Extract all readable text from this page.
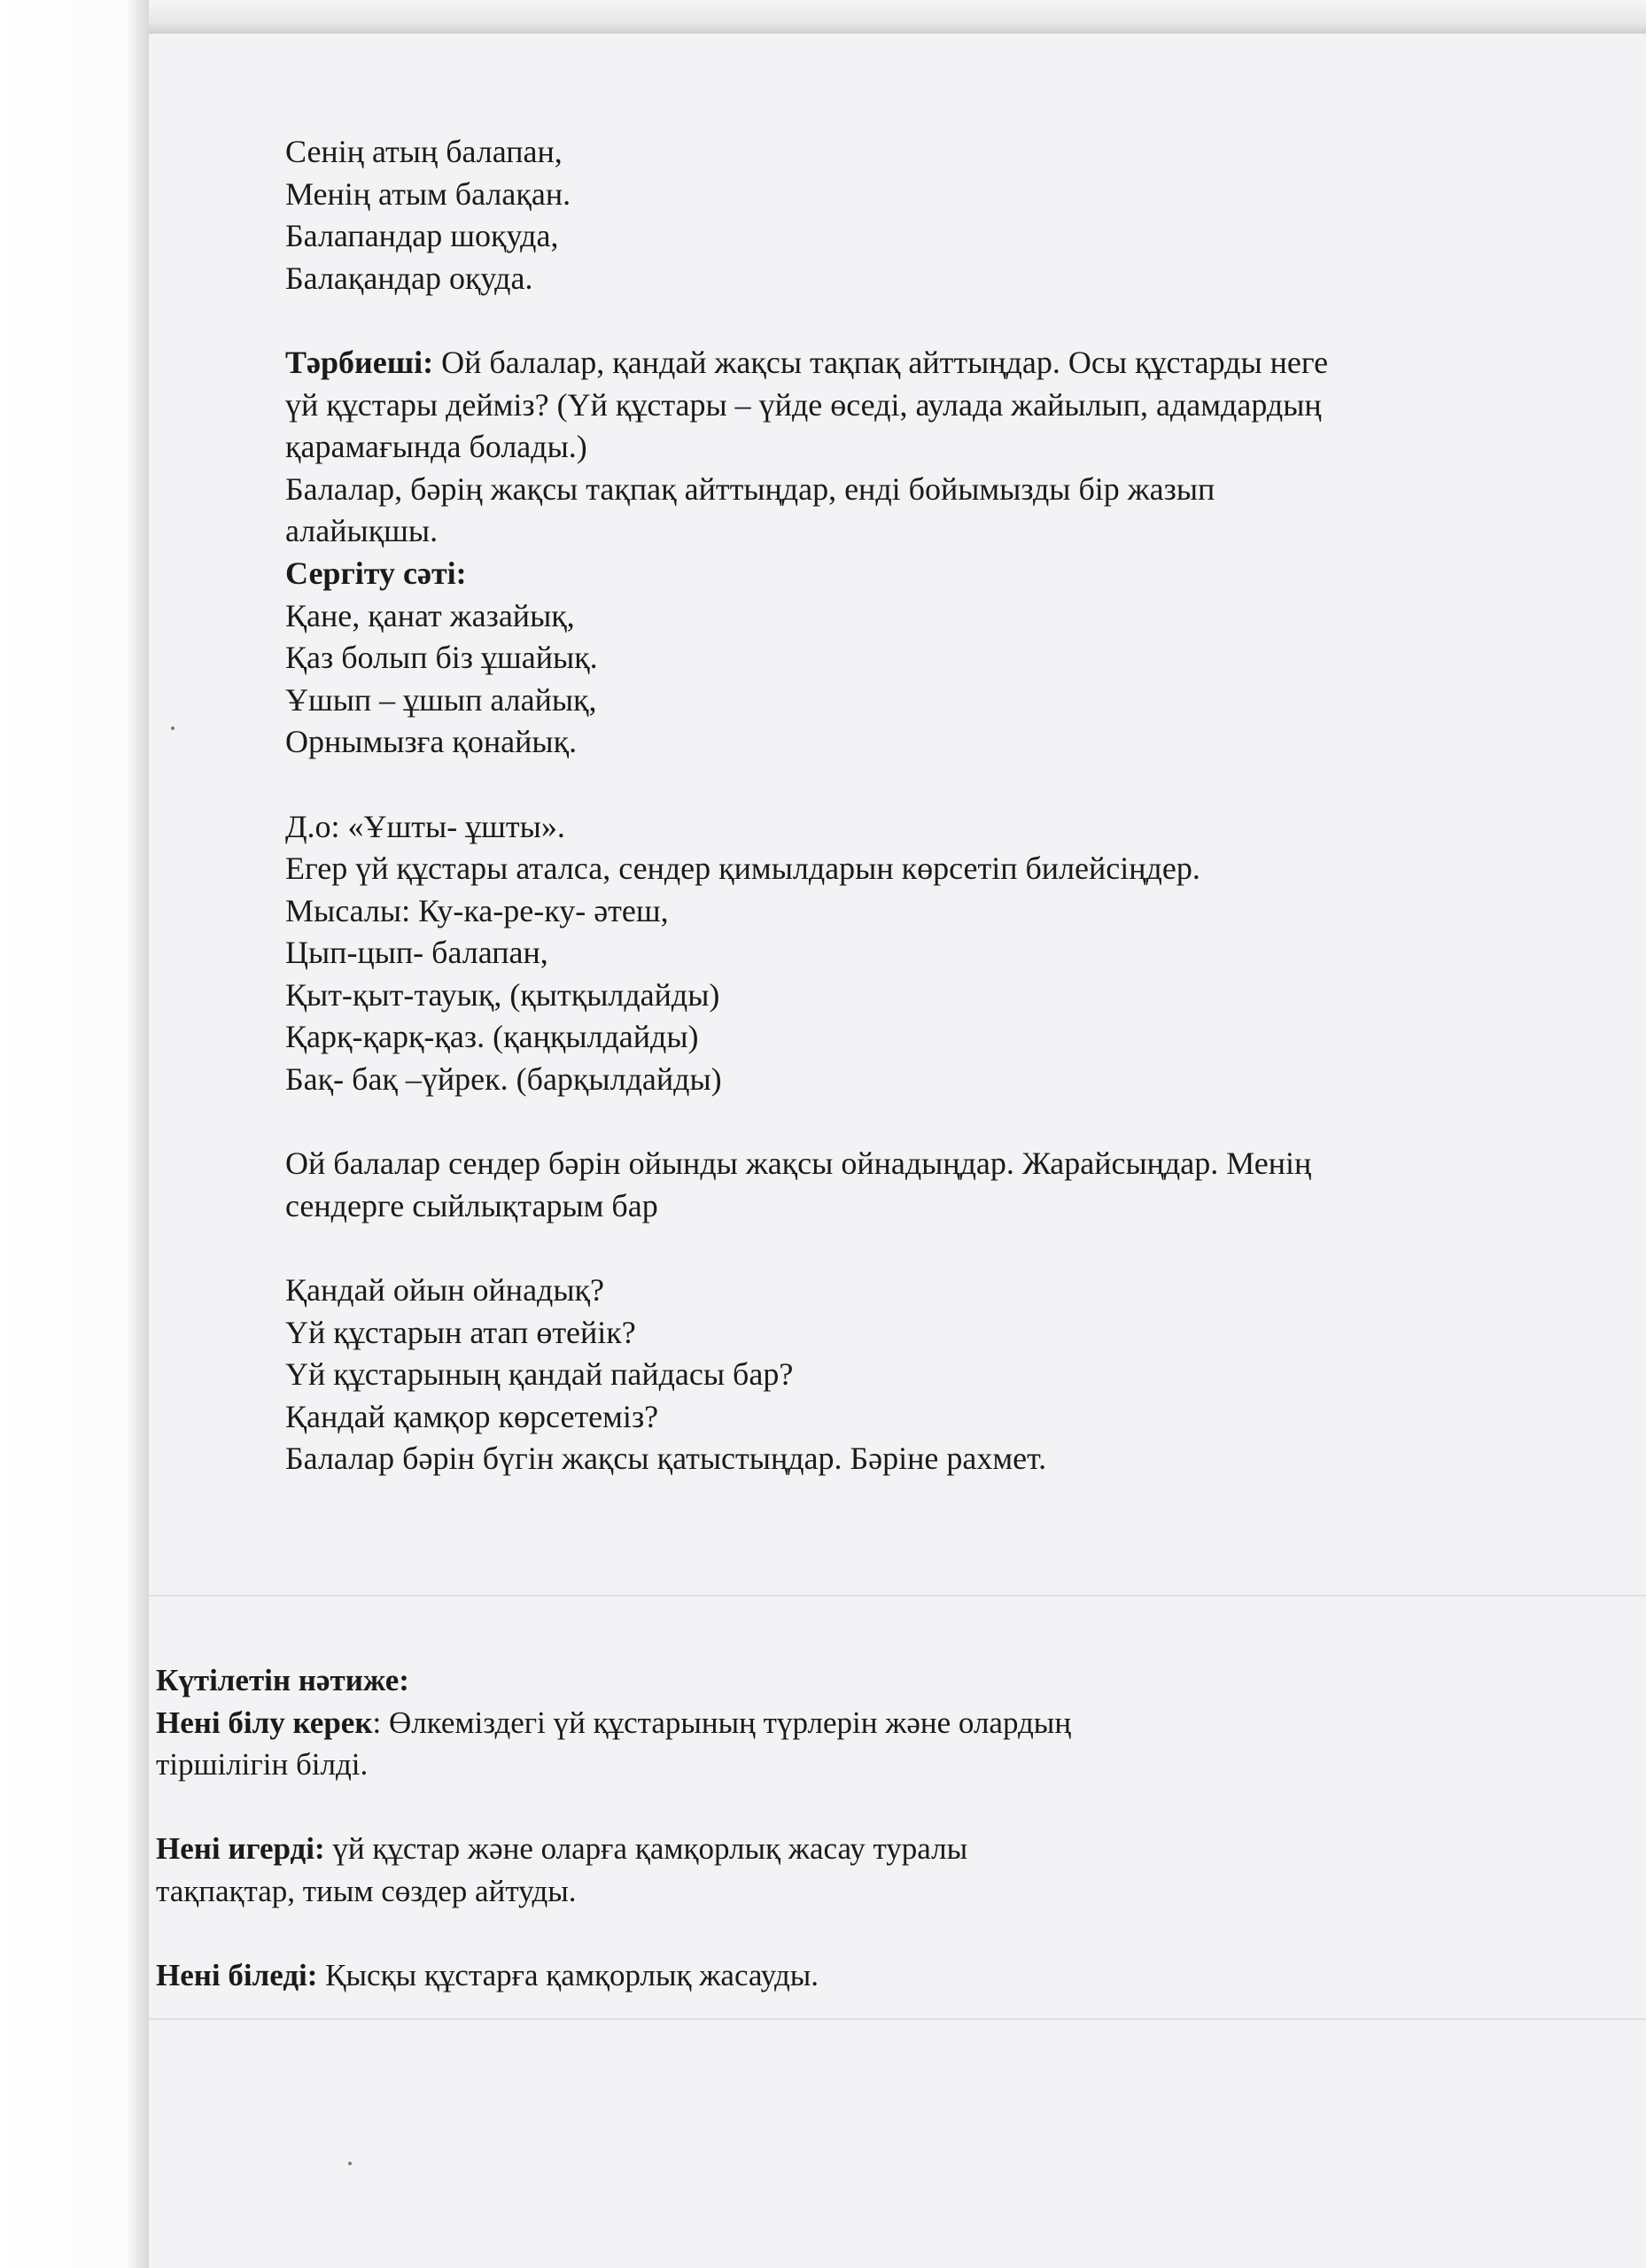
Сенің атың балапан,
Менің атым балақан.
Балапандар шоқуда,
Балақандар оқуда.
Тәрбиеші: Ой балалар, қандай жақсы тақпақ айттыңдар. Осы құстарды неге
үй құстары дейміз? (Үй құстары – үйде өседі, аулада жайылып, адамдардың
қарамағында болады.)
Балалар, бәрің жақсы тақпақ айттыңдар, енді бойымызды бір жазып
алайықшы.
Сергіту сәті:
Қане, қанат жазайық,
Қаз болып біз ұшайық.
Ұшып – ұшып алайық,
Орнымызға қонайық.
Д.о: «Ұшты- ұшты».
Егер үй құстары аталса, сендер қимылдарын көрсетіп билейсіңдер.
Мысалы: Ку-ка-ре-ку- әтеш,
Цып-цып- балапан,
Қыт-қыт-тауық, (қытқылдайды)
Қарқ-қарқ-қаз. (қаңқылдайды)
Бақ- бақ –үйрек. (барқылдайды)
Ой балалар сендер бәрін ойынды жақсы ойнадыңдар. Жарайсыңдар. Менің
сендерге сыйлықтарым бар
Қандай ойын ойнадық?
Үй құстарын атап өтейік?
Үй құстарының қандай пайдасы бар?
Қандай қамқор көрсетеміз?
Балалар бәрін бүгін жақсы қатыстыңдар. Бәріне рахмет.
Күтілетін нәтиже:
Нені білу керек: Өлкеміздегі үй құстарының түрлерін және олардың
тіршілігін білді.
Нені игерді: үй құстар және оларға қамқорлық жасау туралы
тақпақтар, тиым сөздер айтуды.
Нені біледі: Қысқы құстарға қамқорлық жасауды.
